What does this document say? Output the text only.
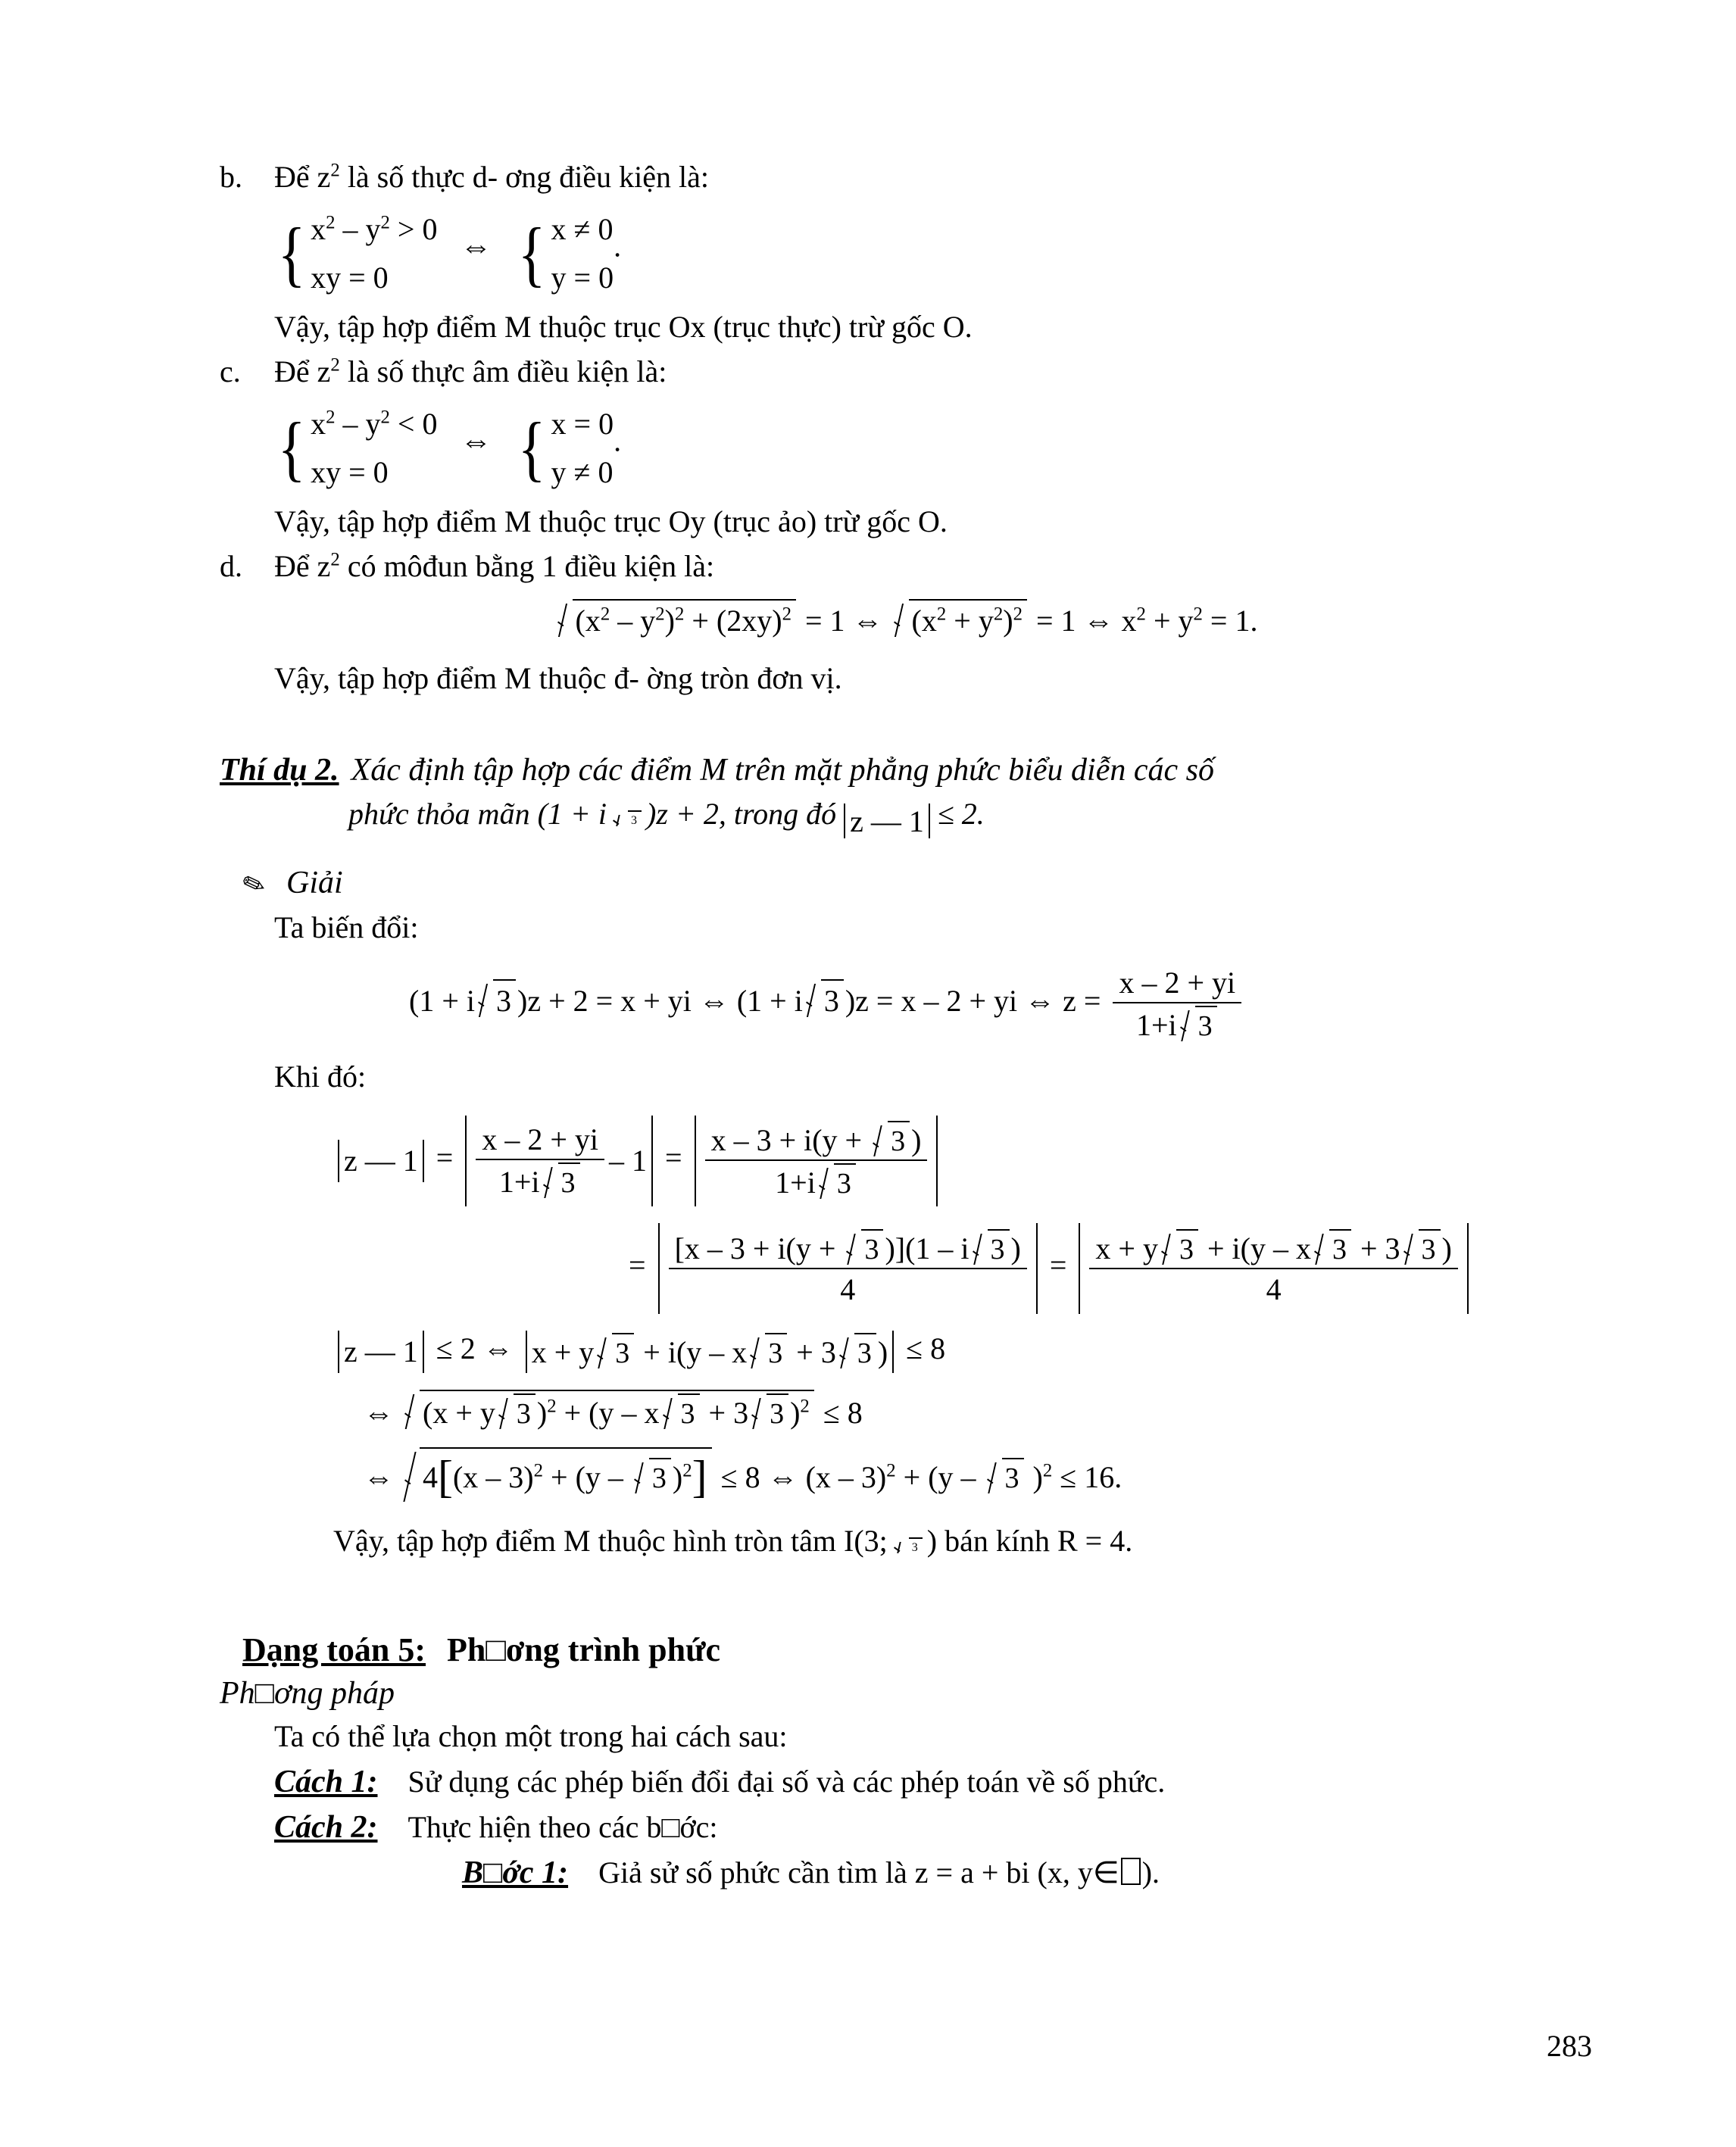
b.	Để $z^2$ là số thực d- ơng điều kiện là:
{ $x^2 - y^2 > 0$
xy = 0
⇔ { x ≠ 0
y = 0
.
Vậy, tập hợp điểm M thuộc trục Ox (trục thực) trừ gốc O.
c.	Để $z^2$ là số thực âm điều kiện là:
{ $x^2 - y^2 < 0$
xy = 0
⇔ { x = 0
y ≠ 0
.
Vậy, tập hợp điểm M thuộc trục Oy (trục ảo) trừ gốc O.
d.	Để $z^2$ có môđun bằng 1 điều kiện là:
$(x^2 - y^2)^2 + (2xy)^2 = 1$ ⇔ $(x^2 + y^2)^2 = 1$ ⇔ $x^2 + y^2 = 1$.
Vậy, tập hợp điểm M thuộc đ- ờng tròn đơn vị.
Thí dụ 2. Xác định tập hợp các điểm M trên mặt phẳng phức biểu diễn các số
phức thỏa mãn (1 + i 3 )z + 2, trong đó z — 1 ≤ 2.
✎ Giải
Ta biến đổi:
(1 + i 3 )z + 2 = x + yi ⇔ (1 + i 3 )z = x – 2 + yi ⇔ $z = \frac{x - 2 + yi}{1+i 3}$
Khi đó:
z — $1 = \frac{x - 2 + yi}{1+i 3} - 1 = \frac{x - 3 + i(y + 3 )}{1+i 3}$
= $\frac{[x - 3 + i(y + 3 )](1 - i 3 )}{4} = \frac{x + y 3 + i(y - x 3 + 3 3 )}{4}$
z — 1 ≤ 2 ⇔ x + y 3 + i(y – x 3 + 3 3 ) ≤ 8
⇔ (x + y 3 )$^2$ + (y – x 3 + 3 3 )$^2$ ≤ 8
⇔ 4[(x – 3)$^2$ + (y – 3 )$^2$] ≤ 8 ⇔ (x – 3)$^2$ + (y – 3 )$^2$ ≤ 16.
Vậy, tập hợp điểm M thuộc hình tròn tâm I(3; 3 ) bán kính R = 4.
Dạng toán 5: Ph□ơng trình phức
Ph□ơng pháp
Ta có thể lựa chọn một trong hai cách sau:
Cách 1: Sử dụng các phép biến đổi đại số và các phép toán về số phức.
Cách 2: Thực hiện theo các b□ớc:
B□ớc 1: Giả sử số phức cần tìm là z = a + bi (x, y∈ ).
283
